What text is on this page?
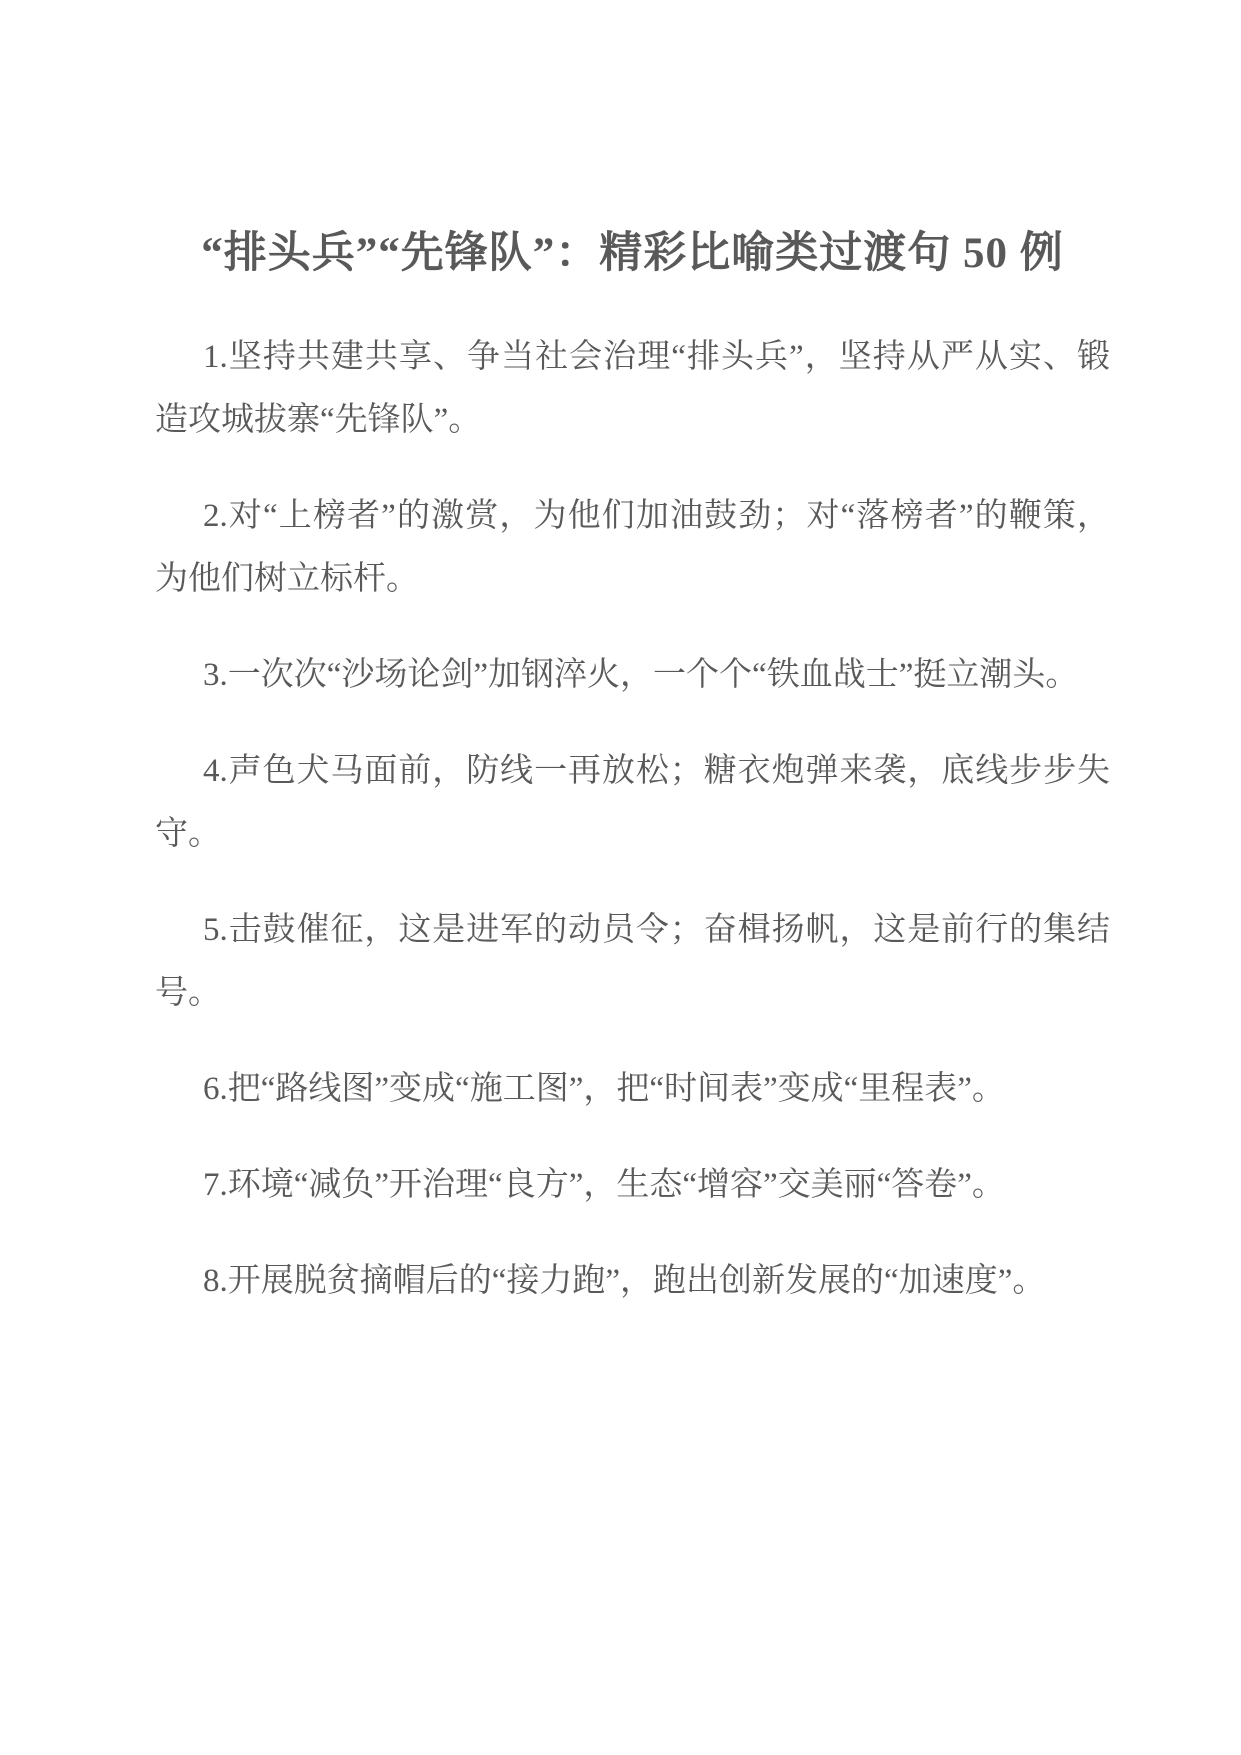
“排头兵”“先锋队”：精彩比喻类过渡句 50 例

1.坚持共建共享、争当社会治理“排头兵”，坚持从严从实、锻造攻城拔寨“先锋队”。

2.对“上榜者”的激赏，为他们加油鼓劲；对“落榜者”的鞭策，为他们树立标杆。

3.一次次“沙场论剑”加钢淬火，一个个“铁血战士”挺立潮头。

4.声色犬马面前，防线一再放松；糖衣炮弹来袭，底线步步失守。

5.击鼓催征，这是进军的动员令；奋楫扬帆，这是前行的集结号。

6.把“路线图”变成“施工图”，把“时间表”变成“里程表”。

7.环境“减负”开治理“良方”，生态“增容”交美丽“答卷”。

8.开展脱贫摘帽后的“接力跑”，跑出创新发展的“加速度”。
